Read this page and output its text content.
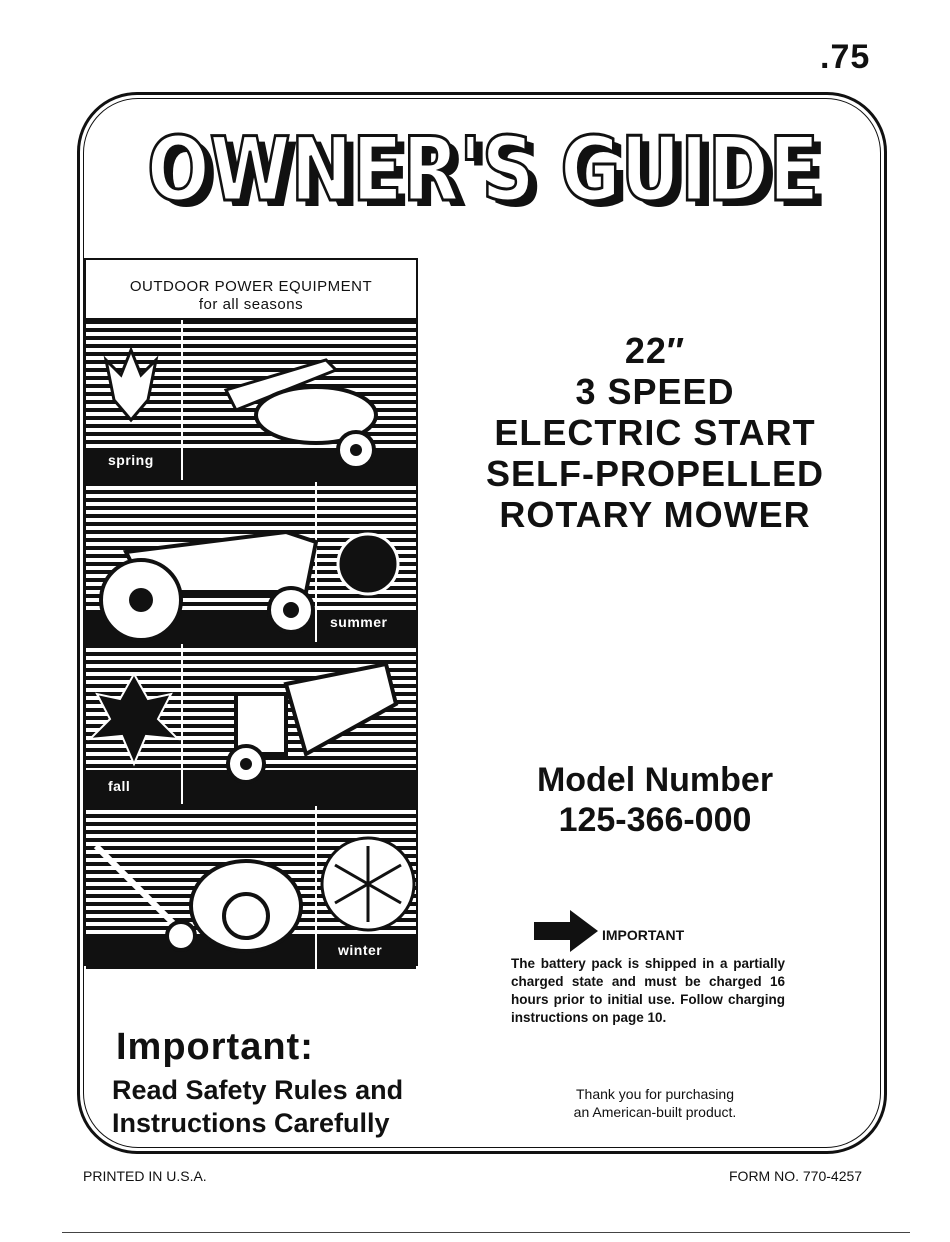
.75
OWNER'S GUIDE
OWNER'S GUIDE
OUTDOOR POWER EQUIPMENT
for all seasons
spring
summer
fall
winter
22″
3 SPEED
ELECTRIC START
SELF-PROPELLED
ROTARY MOWER
Model Number
125-366-000
IMPORTANT
The battery pack is shipped in a partially charged state and must be charged 16 hours prior to initial use. Follow charging instructions on page 10.
Thank you for purchasing
an American-built product.
Important:
Read Safety Rules and
Instructions Carefully
PRINTED IN U.S.A.	FORM NO. 770-4257
